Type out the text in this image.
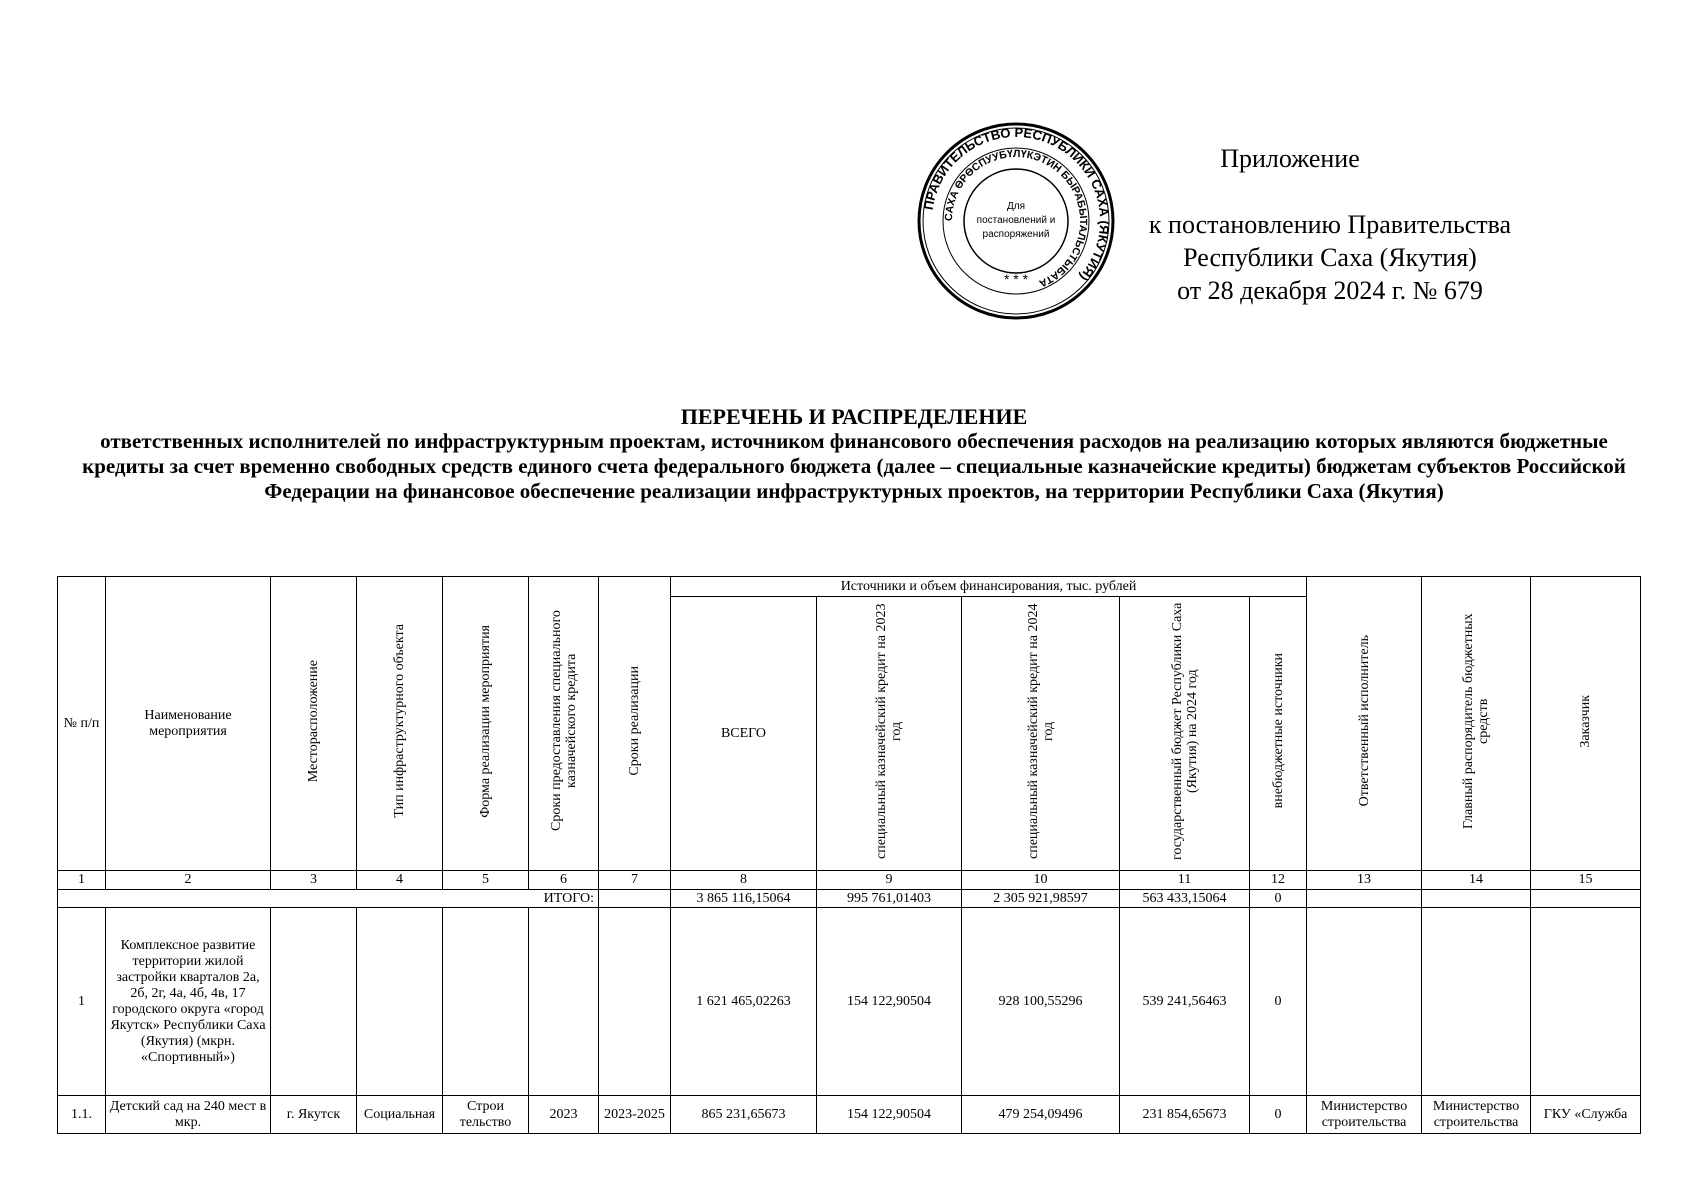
ПРАВИТЕЛЬСТВО РЕСПУБЛИКИ САХА (ЯКУТИЯ)
САХА ӨРӨСПУУБҮЛҮКЭТИН БЫРАБЫТАЛЬСТЫБАТА
Для
постановлений и
распоряжений
* * *
Приложение
к постановлению Правительства
Республики Саха (Якутия)
от 28 декабря 2024 г. № 679
ПЕРЕЧЕНЬ И РАСПРЕДЕЛЕНИЕ
ответственных исполнителей по инфраструктурным проектам, источником финансового обеспечения расходов на реализацию которых являются бюджетные кредиты за счет временно свободных средств единого счета федерального бюджета (далее – специальные казначейские кредиты) бюджетам субъектов Российской Федерации на финансовое обеспечение реализации инфраструктурных проектов, на территории Республики Саха (Якутия)
№ п/п	Наименование мероприятия	Месторасположение	Тип инфраструктурного объекта	Форма реализации мероприятия	Сроки предоставления специального казначейского кредита	Сроки реализации	Источники и объем финансирования, тыс. рублей					Ответственный исполнитель	Главный распорядитель бюджетных средств	Заказчик
							ВСЕГО	специальный казначейский кредит на 2023 год	специальный казначейский кредит на 2024 год	государственный бюджет Республики Саха (Якутия) на 2024 год	внебюджетные источники			
1	2	3	4	5	6	7	8	9	10	11	12	13	14	15
ИТОГО:							3 865 116,15064	995 761,01403	2 305 921,98597	563 433,15064	0			
1	Комплексное развитие территории жилой застройки кварталов 2а, 2б, 2г, 4а, 4б, 4в, 17 городского округа «город Якутск» Республики Саха (Якутия) (мкрн. «Спортивный»)						1 621 465,02263	154 122,90504	928 100,55296	539 241,56463	0			
1.1.	Детский сад на 240 мест в мкр.	г. Якутск	Социальная	Строи тельство	2023	2023-2025	865 231,65673	154 122,90504	479 254,09496	231 854,65673	0	Министерство строительства	Министерство строительства	ГКУ «Служба
